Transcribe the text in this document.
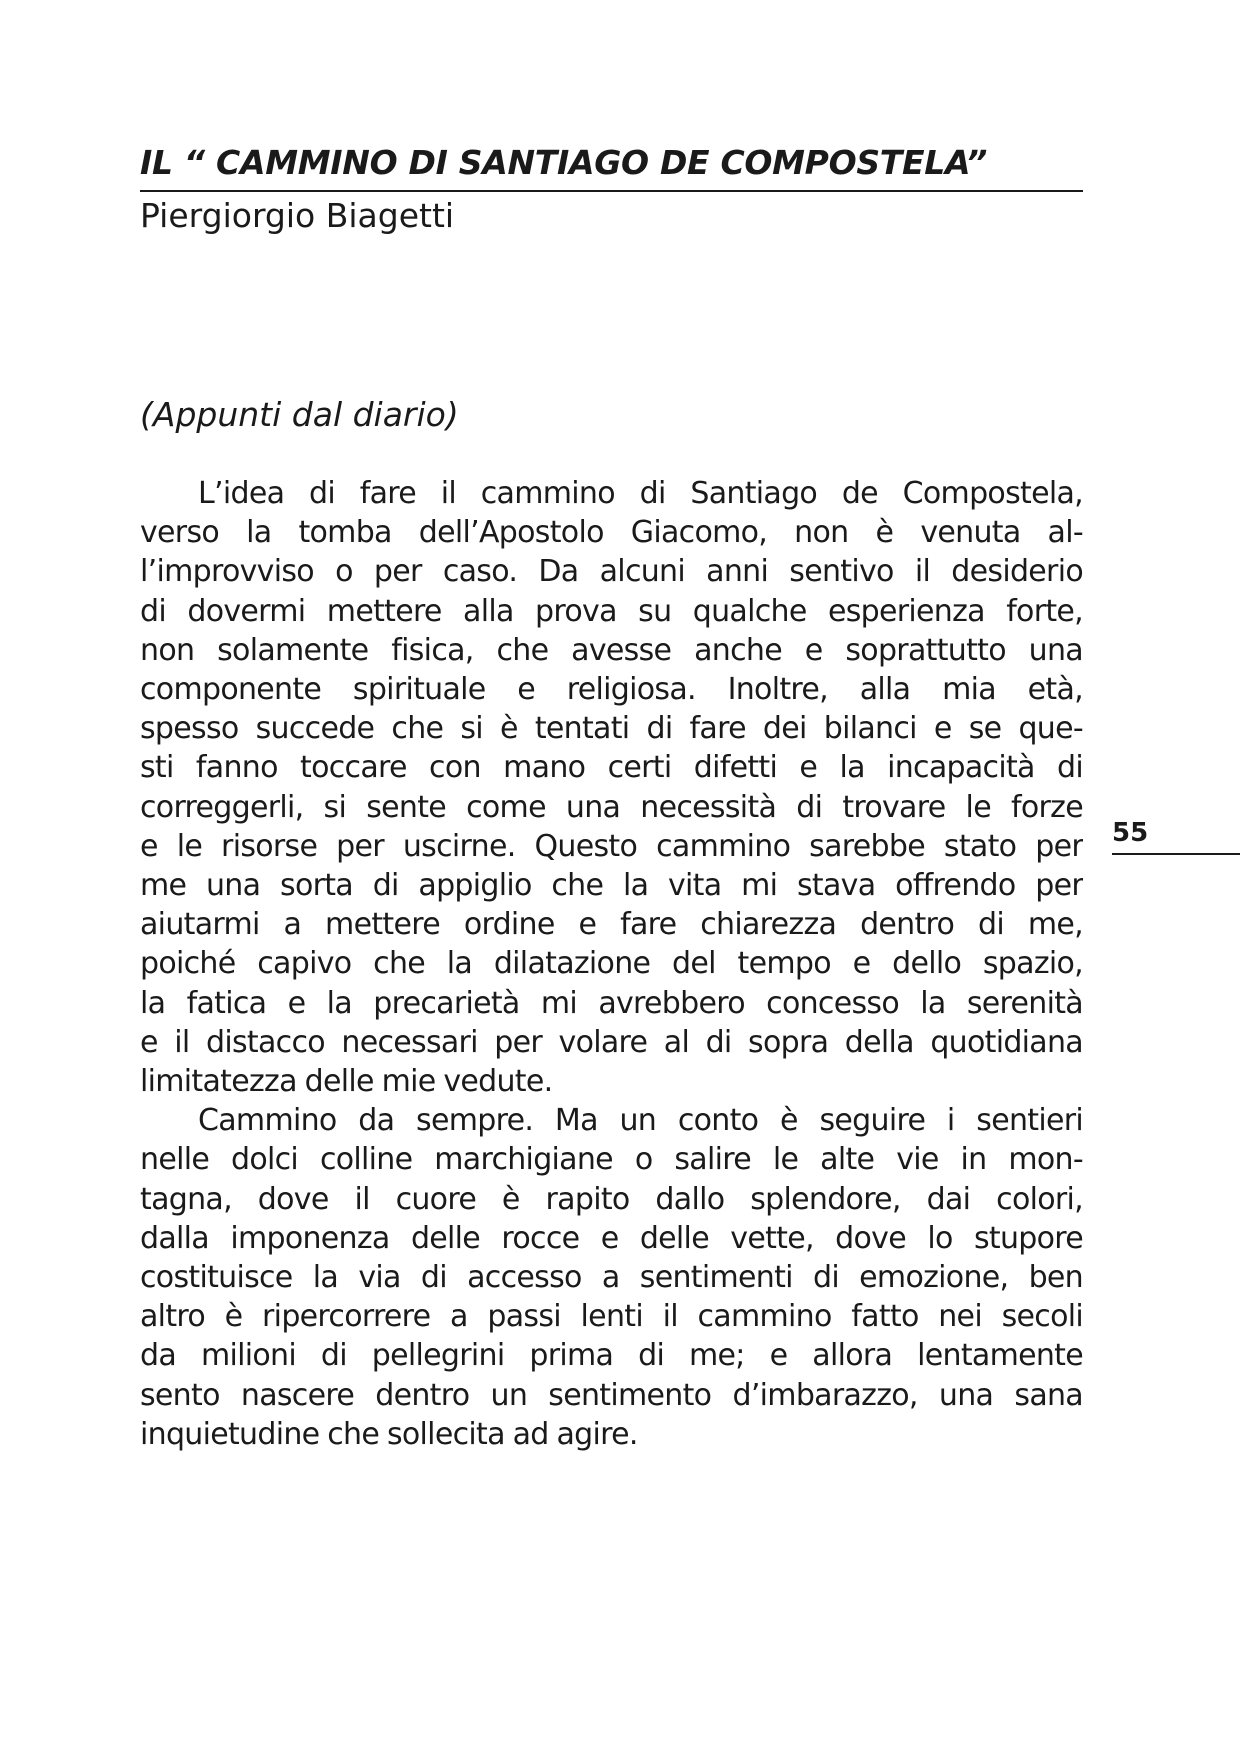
IL “ CAMMINO DI SANTIAGO DE COMPOSTELA”
Piergiorgio Biagetti
(Appunti dal diario)
L’idea di fare il cammino di Santiago de Compostela,
verso la tomba dell’Apostolo Giacomo, non è venuta al-
l’improvviso o per caso. Da alcuni anni sentivo il desiderio
di dovermi mettere alla prova su qualche esperienza forte,
non solamente fisica, che avesse anche e soprattutto una
componente spirituale e religiosa. Inoltre, alla mia età,
spesso succede che si è tentati di fare dei bilanci e se que-
sti fanno toccare con mano certi difetti e la incapacità di
correggerli, si sente come una necessità di trovare le forze
e le risorse per uscirne. Questo cammino sarebbe stato per
me una sorta di appiglio che la vita mi stava offrendo per
aiutarmi a mettere ordine e fare chiarezza dentro di me,
poiché capivo che la dilatazione del tempo e dello spazio,
la fatica e la precarietà mi avrebbero concesso la serenità
e il distacco necessari per volare al di sopra della quotidiana
limitatezza delle mie vedute.
Cammino da sempre. Ma un conto è seguire i sentieri
nelle dolci colline marchigiane o salire le alte vie in mon-
tagna, dove il cuore è rapito dallo splendore, dai colori,
dalla imponenza delle rocce e delle vette, dove lo stupore
costituisce la via di accesso a sentimenti di emozione, ben
altro è ripercorrere a passi lenti il cammino fatto nei secoli
da milioni di pellegrini prima di me; e allora lentamente
sento nascere dentro un sentimento d’imbarazzo, una sana
inquietudine che sollecita ad agire.
55
